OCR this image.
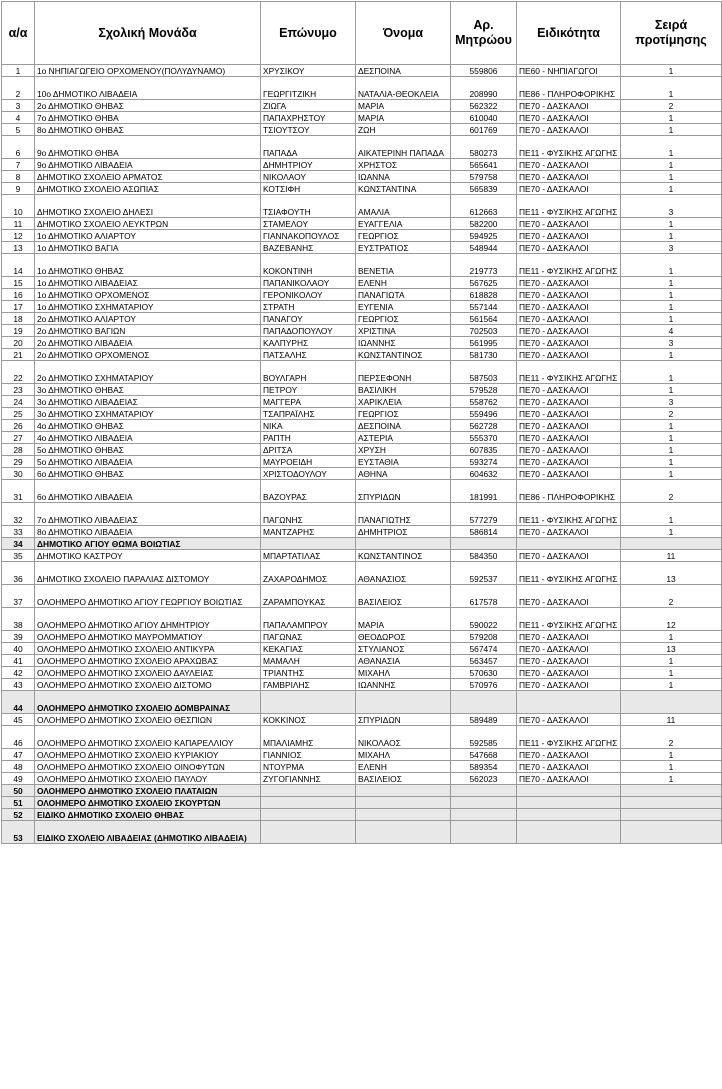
α/α	Σχολική Μονάδα	Επώνυμο	Όνομα	Αρ. Μητρώου	Ειδικότητα	Σειρά προτίμησης
1	1ο ΝΗΠΙΑΓΩΓΕΙΟ ΟΡΧΟΜΕΝΟΥ(ΠΟΛΥΔΥΝΑΜΟ)	ΧΡΥΣΙΚΟΥ	ΔΕΣΠΟΙΝΑ	559806	ΠΕ60 - ΝΗΠΙΑΓΩΓΟΙ	1
2	10ο ΔΗΜΟΤΙΚΟ ΛΙΒΑΔΕΙΑ	ΓΕΩΡΓΙΤΖΙΚΗ	ΝΑΤΑΛΙΑ-ΘΕΟΚΛΕΙΑ	208990	ΠΕ86 - ΠΛΗΡΟΦΟΡΙΚΗΣ	1
3	2ο ΔΗΜΟΤΙΚΟ ΘΗΒΑΣ	ΖΙΩΓΑ	ΜΑΡΙΑ	562322	ΠΕ70 - ΔΑΣΚΑΛΟΙ	2
4	7ο ΔΗΜΟΤΙΚΟ ΘΗΒΑ	ΠΑΠΑΧΡΗΣΤΟΥ	ΜΑΡΙΑ	610040	ΠΕ70 - ΔΑΣΚΑΛΟΙ	1
5	8ο ΔΗΜΟΤΙΚΟ ΘΗΒΑΣ	ΤΣΙΟΥΤΣΟΥ	ΖΩΗ	601769	ΠΕ70 - ΔΑΣΚΑΛΟΙ	1
6	9ο ΔΗΜΟΤΙΚΟ ΘΗΒΑ	ΠΑΠΑΔΑ	ΑΙΚΑΤΕΡΙΝΗ ΠΑΠΑΔΑ	580273	ΠΕ11 - ΦΥΣΙΚΗΣ ΑΓΩΓΗΣ	1
7	9ο ΔΗΜΟΤΙΚΟ ΛΙΒΑΔΕΙΑ	ΔΗΜΗΤΡΙΟΥ	ΧΡΗΣΤΟΣ	565641	ΠΕ70 - ΔΑΣΚΑΛΟΙ	1
8	ΔΗΜΟΤΙΚΟ ΣΧΟΛΕΙΟ ΑΡΜΑΤΟΣ	ΝΙΚΟΛΑΟΥ	ΙΩΑΝΝΑ	579758	ΠΕ70 - ΔΑΣΚΑΛΟΙ	1
9	ΔΗΜΟΤΙΚΟ ΣΧΟΛΕΙΟ ΑΣΩΠΙΑΣ	ΚΟΤΣΙΦΗ	ΚΩΝΣΤΑΝΤΙΝΑ	565839	ΠΕ70 - ΔΑΣΚΑΛΟΙ	1
10	ΔΗΜΟΤΙΚΟ ΣΧΟΛΕΙΟ ΔΗΛΕΣΙ	ΤΣΙΑΦΟΥΤΗ	ΑΜΑΛΙΑ	612663	ΠΕ11 - ΦΥΣΙΚΗΣ ΑΓΩΓΗΣ	3
11	ΔΗΜΟΤΙΚΟ ΣΧΟΛΕΙΟ ΛΕΥΚΤΡΩΝ	ΣΤΑΜΕΛΟΥ	ΕΥΑΓΓΕΛΙΑ	582200	ΠΕ70 - ΔΑΣΚΑΛΟΙ	1
12	1ο ΔΗΜΟΤΙΚΟ ΑΛΙΑΡΤΟΥ	ΓΙΑΝΝΑΚΟΠΟΥΛΟΣ	ΓΕΩΡΓΙΟΣ	594925	ΠΕ70 - ΔΑΣΚΑΛΟΙ	1
13	1ο ΔΗΜΟΤΙΚΟ ΒΑΓΙΑ	ΒΑΖΕΒΑΝΗΣ	ΕΥΣΤΡΑΤΙΟΣ	548944	ΠΕ70 - ΔΑΣΚΑΛΟΙ	3
14	1ο ΔΗΜΟΤΙΚΟ ΘΗΒΑΣ	ΚΟΚΟΝΤΙΝΗ	ΒΕΝΕΤΙΑ	219773	ΠΕ11 - ΦΥΣΙΚΗΣ ΑΓΩΓΗΣ	1
15	1ο ΔΗΜΟΤΙΚΟ ΛΙΒΑΔΕΙΑΣ	ΠΑΠΑΝΙΚΟΛΑΟΥ	ΕΛΕΝΗ	567625	ΠΕ70 - ΔΑΣΚΑΛΟΙ	1
16	1ο ΔΗΜΟΤΙΚΟ ΟΡΧΟΜΕΝΟΣ	ΓΕΡΟΝΙΚΟΛΟΥ	ΠΑΝΑΓΙΩΤΑ	618828	ΠΕ70 - ΔΑΣΚΑΛΟΙ	1
17	1ο ΔΗΜΟΤΙΚΟ ΣΧΗΜΑΤΑΡΙΟΥ	ΣΤΡΑΤΗ	ΕΥΓΕΝΙΑ	557144	ΠΕ70 - ΔΑΣΚΑΛΟΙ	1
18	2ο ΔΗΜΟΤΙΚΟ ΑΛΙΑΡΤΟΥ	ΠΑΝΑΓΟΥ	ΓΕΩΡΓΙΟΣ	561564	ΠΕ70 - ΔΑΣΚΑΛΟΙ	1
19	2ο ΔΗΜΟΤΙΚΟ ΒΑΓΙΩΝ	ΠΑΠΑΔΟΠΟΥΛΟΥ	ΧΡΙΣΤΙΝΑ	702503	ΠΕ70 - ΔΑΣΚΑΛΟΙ	4
20	2ο ΔΗΜΟΤΙΚΟ ΛΙΒΑΔΕΙΑ	ΚΑΛΠΥΡΗΣ	ΙΩΑΝΝΗΣ	561995	ΠΕ70 - ΔΑΣΚΑΛΟΙ	3
21	2ο ΔΗΜΟΤΙΚΟ ΟΡΧΟΜΕΝΟΣ	ΠΑΤΣΑΛΗΣ	ΚΩΝΣΤΑΝΤΙΝΟΣ	581730	ΠΕ70 - ΔΑΣΚΑΛΟΙ	1
22	2ο ΔΗΜΟΤΙΚΟ ΣΧΗΜΑΤΑΡΙΟΥ	ΒΟΥΛΓΑΡΗ	ΠΕΡΣΕΦΟΝΗ	587503	ΠΕ11 - ΦΥΣΙΚΗΣ ΑΓΩΓΗΣ	1
23	3ο ΔΗΜΟΤΙΚΟ ΘΗΒΑΣ	ΠΕΤΡΟΥ	ΒΑΣΙΛΙΚΗ	579528	ΠΕ70 - ΔΑΣΚΑΛΟΙ	1
24	3ο ΔΗΜΟΤΙΚΟ ΛΙΒΑΔΕΙΑΣ	ΜΑΓΓΕΡΑ	ΧΑΡΙΚΛΕΙΑ	558762	ΠΕ70 - ΔΑΣΚΑΛΟΙ	3
25	3ο ΔΗΜΟΤΙΚΟ ΣΧΗΜΑΤΑΡΙΟΥ	ΤΣΑΠΡΑΪΛΗΣ	ΓΕΩΡΓΙΟΣ	559496	ΠΕ70 - ΔΑΣΚΑΛΟΙ	2
26	4ο ΔΗΜΟΤΙΚΟ ΘΗΒΑΣ	ΝΙΚΑ	ΔΕΣΠΟΙΝΑ	562728	ΠΕ70 - ΔΑΣΚΑΛΟΙ	1
27	4ο ΔΗΜΟΤΙΚΟ ΛΙΒΑΔΕΙΑ	ΡΑΠΤΗ	ΑΣΤΕΡΙΑ	555370	ΠΕ70 - ΔΑΣΚΑΛΟΙ	1
28	5ο ΔΗΜΟΤΙΚΟ ΘΗΒΑΣ	ΔΡΙΤΣΑ	ΧΡΥΣΗ	607835	ΠΕ70 - ΔΑΣΚΑΛΟΙ	1
29	5ο ΔΗΜΟΤΙΚΟ ΛΙΒΑΔΕΙΑ	ΜΑΥΡΟΕΙΔΗ	ΕΥΣΤΑΘΙΑ	593274	ΠΕ70 - ΔΑΣΚΑΛΟΙ	1
30	6ο ΔΗΜΟΤΙΚΟ ΘΗΒΑΣ	ΧΡΙΣΤΟΔΟΥΛΟΥ	ΑΘΗΝΑ	604632	ΠΕ70 - ΔΑΣΚΑΛΟΙ	1
31	6ο ΔΗΜΟΤΙΚΟ ΛΙΒΑΔΕΙΑ	ΒΑΖΟΥΡΑΣ	ΣΠΥΡΙΔΩΝ	181991	ΠΕ86 - ΠΛΗΡΟΦΟΡΙΚΗΣ	2
32	7ο ΔΗΜΟΤΙΚΟ ΛΙΒΑΔΕΙΑΣ	ΠΑΓΩΝΗΣ	ΠΑΝΑΓΙΩΤΗΣ	577279	ΠΕ11 - ΦΥΣΙΚΗΣ ΑΓΩΓΗΣ	1
33	8ο ΔΗΜΟΤΙΚΟ ΛΙΒΑΔΕΙΑ	ΜΑΝΤΖΑΡΗΣ	ΔΗΜΗΤΡΙΟΣ	586814	ΠΕ70 - ΔΑΣΚΑΛΟΙ	1
34	ΔΗΜΟΤΙΚΟ ΑΓΙΟΥ ΘΩΜΑ ΒΟΙΩΤΙΑΣ					
35	ΔΗΜΟΤΙΚΟ ΚΑΣΤΡΟΥ	ΜΠΑΡΤΑΤΙΛΑΣ	ΚΩΝΣΤΑΝΤΙΝΟΣ	584350	ΠΕ70 - ΔΑΣΚΑΛΟΙ	11
36	ΔΗΜΟΤΙΚΟ ΣΧΟΛΕΙΟ ΠΑΡΑΛΙΑΣ ΔΙΣΤΟΜΟΥ	ΖΑΧΑΡΟΔΗΜΟΣ	ΑΘΑΝΑΣΙΟΣ	592537	ΠΕ11 - ΦΥΣΙΚΗΣ ΑΓΩΓΗΣ	13
37	ΟΛΟΗΜΕΡΟ ΔΗΜΟΤΙΚΟ ΑΓΙΟΥ ΓΕΩΡΓΙΟΥ ΒΟΙΩΤΙΑΣ	ΖΑΡΑΜΠΟΥΚΑΣ	ΒΑΣΙΛΕΙΟΣ	617578	ΠΕ70 - ΔΑΣΚΑΛΟΙ	2
38	ΟΛΟΗΜΕΡΟ ΔΗΜΟΤΙΚΟ ΑΓΙΟΥ ΔΗΜΗΤΡΙΟΥ	ΠΑΠΑΛΑΜΠΡΟΥ	ΜΑΡΙΑ	590022	ΠΕ11 - ΦΥΣΙΚΗΣ ΑΓΩΓΗΣ	12
39	ΟΛΟΗΜΕΡΟ ΔΗΜΟΤΙΚΟ ΜΑΥΡΟΜΜΑΤΙΟΥ	ΠΑΓΩΝΑΣ	ΘΕΟΔΩΡΟΣ	579208	ΠΕ70 - ΔΑΣΚΑΛΟΙ	1
40	ΟΛΟΗΜΕΡΟ ΔΗΜΟΤΙΚΟ ΣΧΟΛΕΙΟ ΑΝΤΙΚΥΡΑ	ΚΕΚΑΓΙΑΣ	ΣΤΥΛΙΑΝΟΣ	567474	ΠΕ70 - ΔΑΣΚΑΛΟΙ	13
41	ΟΛΟΗΜΕΡΟ ΔΗΜΟΤΙΚΟ ΣΧΟΛΕΙΟ ΑΡΑΧΩΒΑΣ	ΜΑΜΑΛΗ	ΑΘΑΝΑΣΙΑ	563457	ΠΕ70 - ΔΑΣΚΑΛΟΙ	1
42	ΟΛΟΗΜΕΡΟ ΔΗΜΟΤΙΚΟ ΣΧΟΛΕΙΟ ΔΑΥΛΕΙΑΣ	ΤΡΙΑΝΤΗΣ	ΜΙΧΑΗΛ	570630	ΠΕ70 - ΔΑΣΚΑΛΟΙ	1
43	ΟΛΟΗΜΕΡΟ ΔΗΜΟΤΙΚΟ ΣΧΟΛΕΙΟ ΔΙΣΤΟΜΟ	ΓΑΜΒΡΙΛΗΣ	ΙΩΑΝΝΗΣ	570976	ΠΕ70 - ΔΑΣΚΑΛΟΙ	1
44	ΟΛΟΗΜΕΡΟ ΔΗΜΟΤΙΚΟ ΣΧΟΛΕΙΟ ΔΟΜΒΡΑΙΝΑΣ					
45	ΟΛΟΗΜΕΡΟ ΔΗΜΟΤΙΚΟ ΣΧΟΛΕΙΟ ΘΕΣΠΙΩΝ	ΚΟΚΚΙΝΟΣ	ΣΠΥΡΙΔΩΝ	589489	ΠΕ70 - ΔΑΣΚΑΛΟΙ	11
46	ΟΛΟΗΜΕΡΟ ΔΗΜΟΤΙΚΟ ΣΧΟΛΕΙΟ ΚΑΠΑΡΕΛΛΙΟΥ	ΜΠΑΛΙΑΜΗΣ	ΝΙΚΟΛΑΟΣ	592585	ΠΕ11 - ΦΥΣΙΚΗΣ ΑΓΩΓΗΣ	2
47	ΟΛΟΗΜΕΡΟ ΔΗΜΟΤΙΚΟ ΣΧΟΛΕΙΟ ΚΥΡΙΑΚΙΟΥ	ΓΙΑΝΝΙΟΣ	ΜΙΧΑΗΛ	547668	ΠΕ70 - ΔΑΣΚΑΛΟΙ	1
48	ΟΛΟΗΜΕΡΟ ΔΗΜΟΤΙΚΟ ΣΧΟΛΕΙΟ ΟΙΝΟΦΥΤΩΝ	ΝΤΟΥΡΜΑ	ΕΛΕΝΗ	589354	ΠΕ70 - ΔΑΣΚΑΛΟΙ	1
49	ΟΛΟΗΜΕΡΟ ΔΗΜΟΤΙΚΟ ΣΧΟΛΕΙΟ ΠΑΥΛΟΥ	ΖΥΓΟΓΙΑΝΝΗΣ	ΒΑΣΙΛΕΙΟΣ	562023	ΠΕ70 - ΔΑΣΚΑΛΟΙ	1
50	ΟΛΟΗΜΕΡΟ ΔΗΜΟΤΙΚΟ ΣΧΟΛΕΙΟ ΠΛΑΤΑΙΩΝ					
51	ΟΛΟΗΜΕΡΟ ΔΗΜΟΤΙΚΟ ΣΧΟΛΕΙΟ ΣΚΟΥΡΤΩΝ					
52	ΕΙΔΙΚΟ ΔΗΜΟΤΙΚΟ ΣΧΟΛΕΙΟ ΘΗΒΑΣ					
53	ΕΙΔΙΚΟ ΣΧΟΛΕΙΟ ΛΙΒΑΔΕΙΑΣ (ΔΗΜΟΤΙΚΟ ΛΙΒΑΔΕΙΑ)					
